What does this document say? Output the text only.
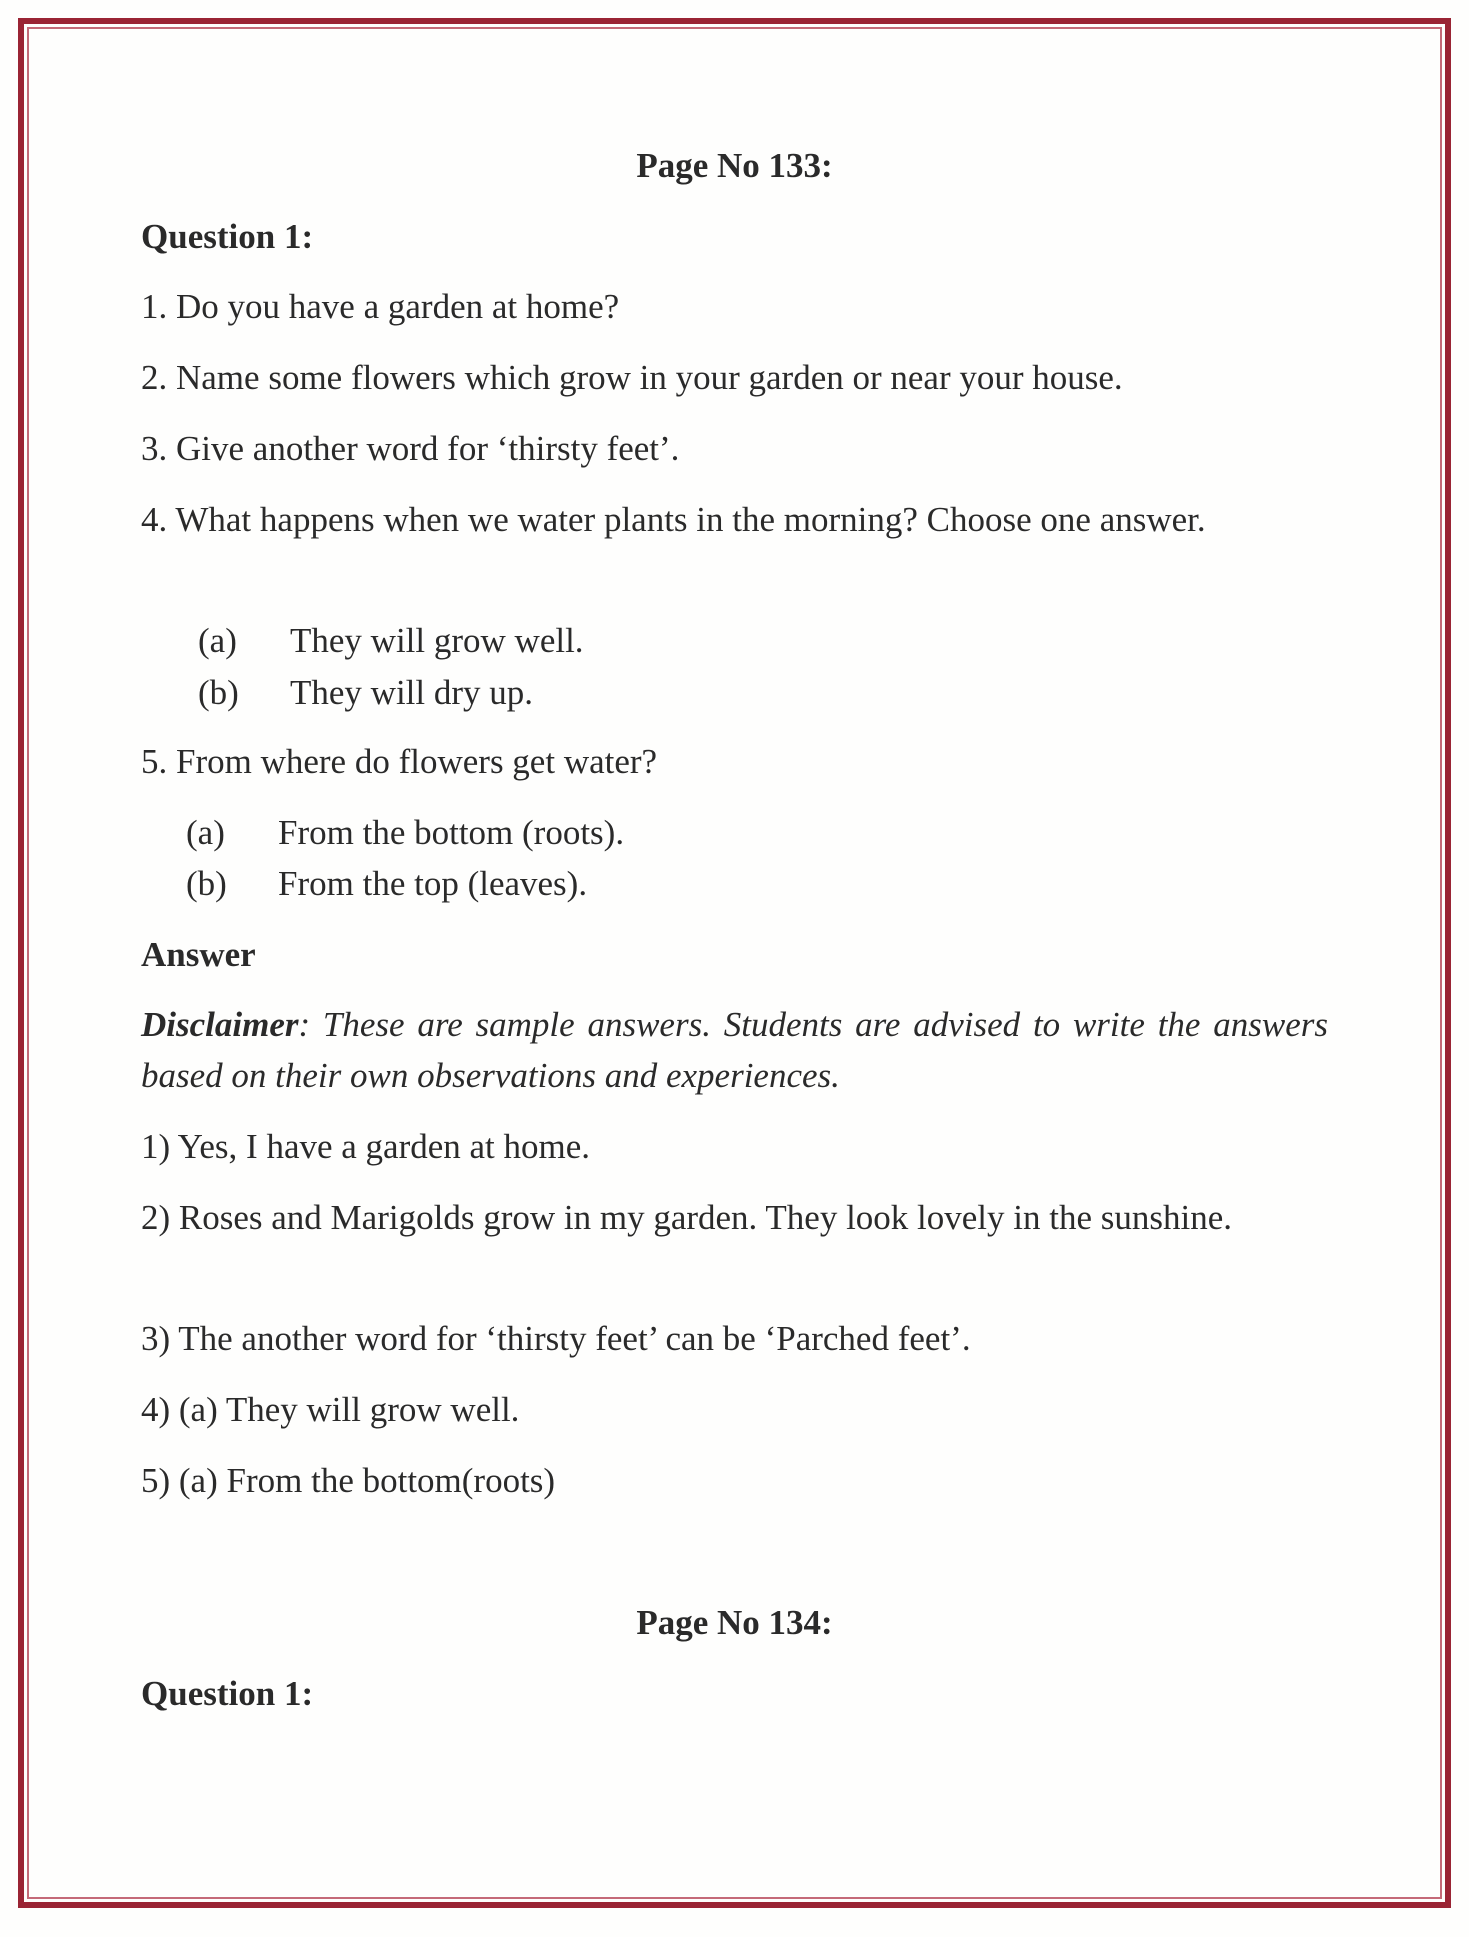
Page No 133:
Question 1:
1. Do you have a garden at home?
2. Name some flowers which grow in your garden or near your house.
3. Give another word for ‘thirsty feet’.
4. What happens when we water plants in the morning? Choose one answer.
(a) They will grow well.
(b) They will dry up.
5. From where do flowers get water?
(a) From the bottom (roots).
(b) From the top (leaves).
Answer
Disclaimer: These are sample answers. Students are advised to write the answers based on their own observations and experiences.
1) Yes, I have a garden at home.
2) Roses and Marigolds grow in my garden. They look lovely in the sunshine.
3) The another word for ‘thirsty feet’ can be ‘Parched feet’.
4) (a) They will grow well.
5) (a) From the bottom(roots)
Page No 134:
Question 1:
